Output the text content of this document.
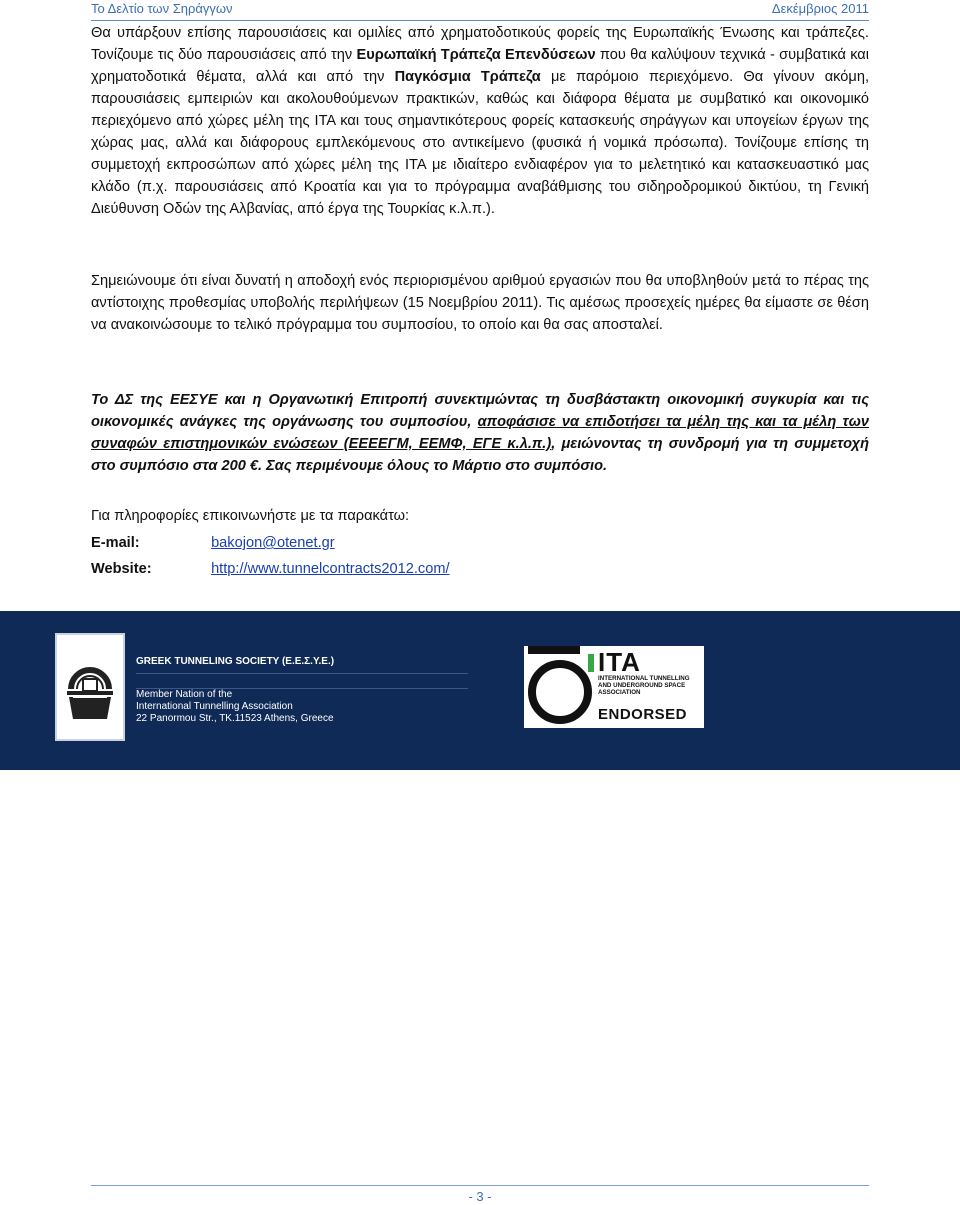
Το Δελτίο των Σηράγγων	Δεκέμβριος 2011

Θα υπάρξουν επίσης παρουσιάσεις και ομιλίες από χρηματοδοτικούς φορείς της Ευρωπαϊκής Ένωσης και τράπεζες. Τονίζουμε τις δύο παρουσιάσεις από την Ευρωπαϊκή Τράπεζα Επενδύσεων που θα καλύψουν τεχνικά - συμβατικά και χρηματοδοτικά θέματα, αλλά και από την Παγκόσμια Τράπεζα με παρόμοιο περιεχόμενο. Θα γίνουν ακόμη, παρουσιάσεις εμπειριών και ακολουθούμενων πρακτικών, καθώς και διάφορα θέματα με συμβατικό και οικονομικό περιεχόμενο από χώρες μέλη της ITA και τους σημαντικότερους φορείς κατασκευής σηράγγων και υπογείων έργων της χώρας μας, αλλά και διάφορους εμπλεκόμενους στο αντικείμενο (φυσικά ή νομικά πρόσωπα). Τονίζουμε επίσης τη συμμετοχή εκπροσώπων από χώρες μέλη της ITA με ιδιαίτερο ενδιαφέρον για το μελετητικό και κατασκευαστικό μας κλάδο (π.χ. παρουσιάσεις από Κροατία και για το πρόγραμμα αναβάθμισης του σιδηροδρομικού δικτύου, τη Γενική Διεύθυνση Οδών της Αλβανίας, από έργα της Τουρκίας κ.λ.π.).

Σημειώνουμε ότι είναι δυνατή η αποδοχή ενός περιορισμένου αριθμού εργασιών που θα υποβληθούν μετά το πέρας της αντίστοιχης προθεσμίας υποβολής περιλήψεων (15 Νοεμβρίου 2011). Τις αμέσως προσεχείς ημέρες θα είμαστε σε θέση να ανακοινώσουμε το τελικό πρόγραμμα του συμποσίου, το οποίο και θα σας αποσταλεί.

Το ΔΣ της ΕΕΣΥΕ και η Οργανωτική Επιτροπή συνεκτιμώντας τη δυσβάστακτη οικονομική συγκυρία και τις οικονομικές ανάγκες της οργάνωσης του συμποσίου, αποφάσισε να επιδοτήσει τα μέλη της και τα μέλη των συναφών επιστημονικών ενώσεων (ΕΕΕΕΓΜ, ΕΕΜΦ, ΕΓΕ κ.λ.π.), μειώνοντας τη συνδρομή για τη συμμετοχή στο συμπόσιο στα 200 €. Σας περιμένουμε όλους το Μάρτιο στο συμπόσιο.

Για πληροφορίες επικοινωνήστε με τα παρακάτω:

E-mail:	bakojon@otenet.gr
Website:	http://www.tunnelcontracts2012.com/
GREEK TUNNELING SOCIETY (Ε.Ε.Σ.Υ.Ε.)
Member Nation of the
International Tunnelling Association
22 Panormou Str., TK.11523 Athens, Greece
ITA
INTERNATIONAL TUNNELLING AND UNDERGROUND SPACE ASSOCIATION
ENDORSED
- 3 -
